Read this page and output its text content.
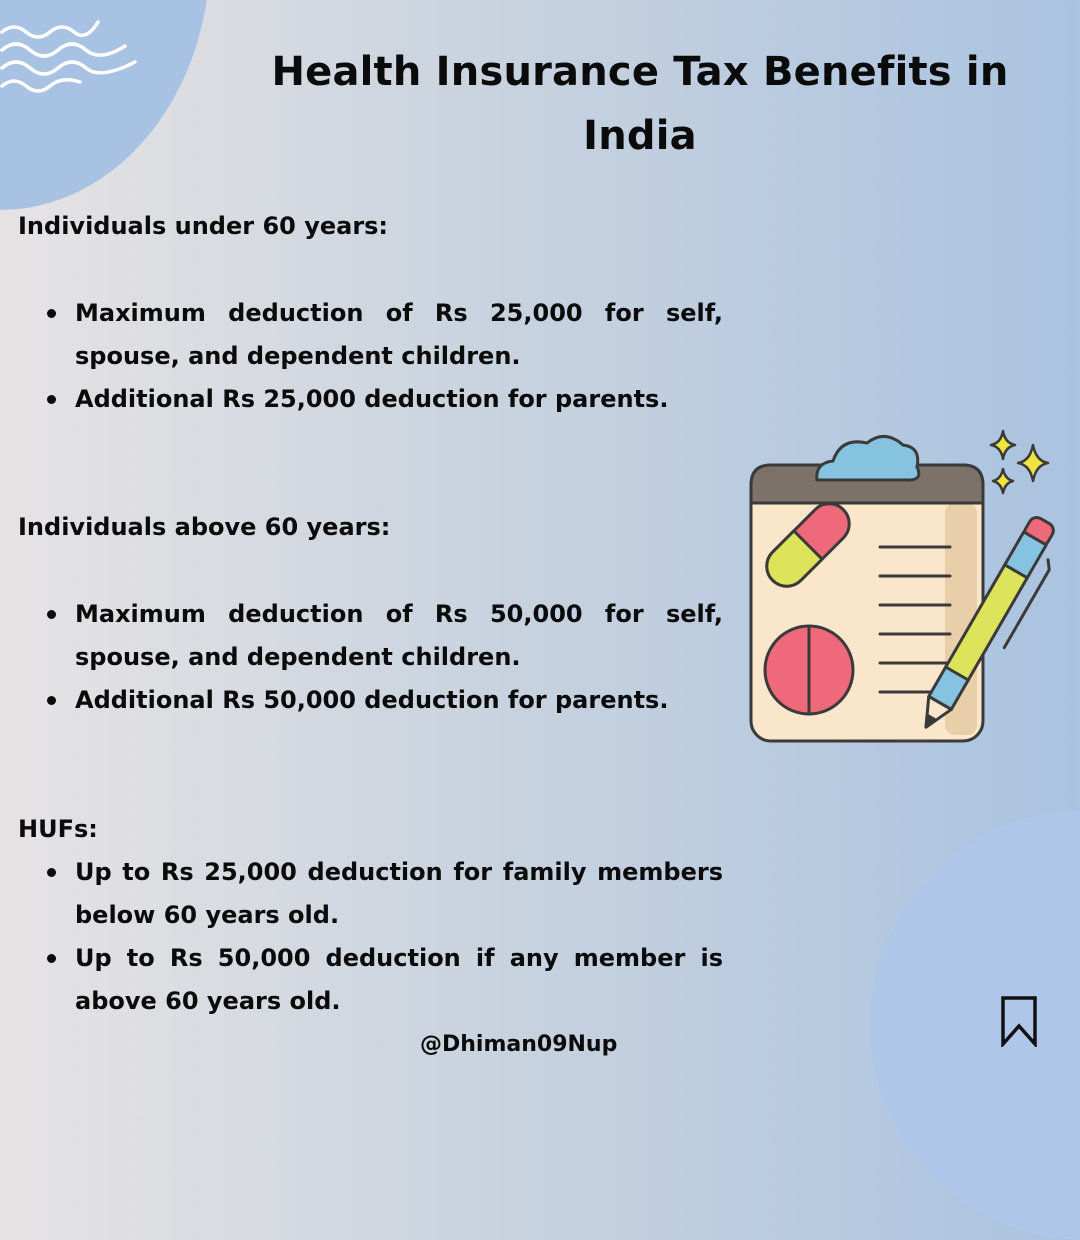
Health Insurance Tax Benefits in India

Individuals under 60 years:

Maximum deduction of Rs 25,000 for self, spouse, and dependent children.
Additional Rs 25,000 deduction for parents.

Individuals above 60 years:

Maximum deduction of Rs 50,000 for self, spouse, and dependent children.
Additional Rs 50,000 deduction for parents.

HUFs:

Up to Rs 25,000 deduction for family members below 60 years old.
Up to Rs 50,000 deduction if any member is above 60 years old.

@Dhiman09Nup
